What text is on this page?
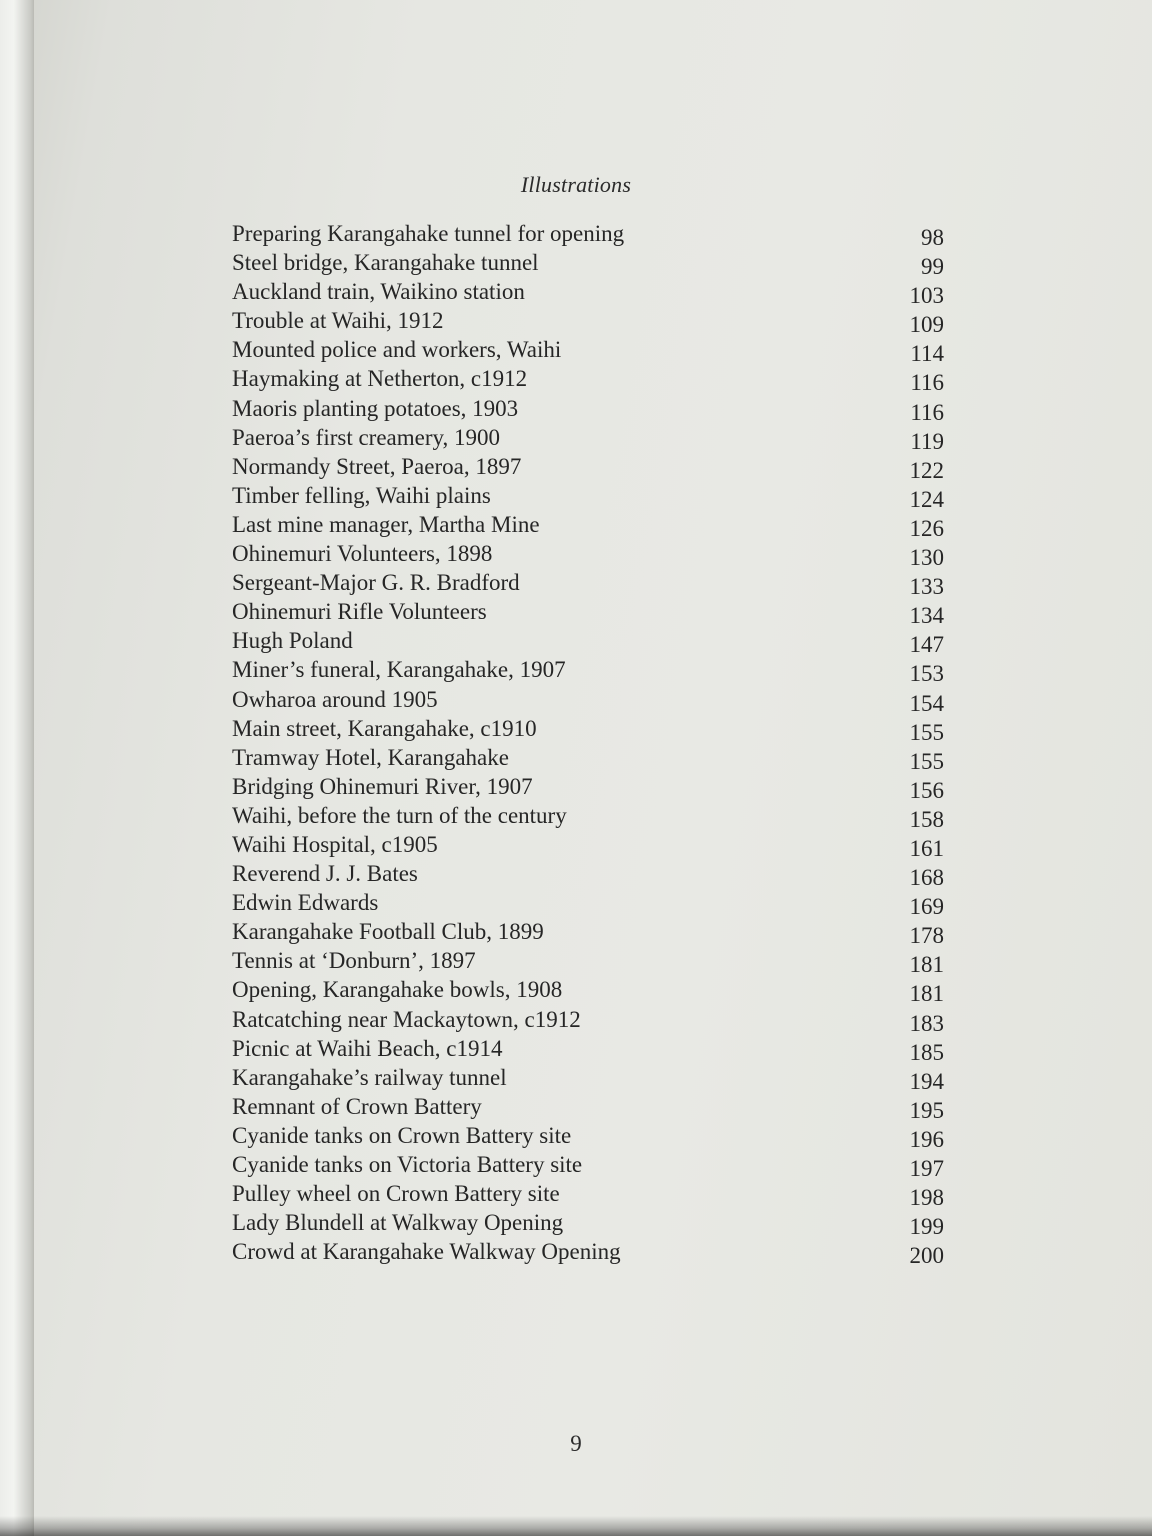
Illustrations
Preparing Karangahake tunnel for opening	98
Steel bridge, Karangahake tunnel	99
Auckland train, Waikino station	103
Trouble at Waihi, 1912	109
Mounted police and workers, Waihi	114
Haymaking at Netherton, c1912	116
Maoris planting potatoes, 1903	116
Paeroa’s first creamery, 1900	119
Normandy Street, Paeroa, 1897	122
Timber felling, Waihi plains	124
Last mine manager, Martha Mine	126
Ohinemuri Volunteers, 1898	130
Sergeant-Major G. R. Bradford	133
Ohinemuri Rifle Volunteers	134
Hugh Poland	147
Miner’s funeral, Karangahake, 1907	153
Owharoa around 1905	154
Main street, Karangahake, c1910	155
Tramway Hotel, Karangahake	155
Bridging Ohinemuri River, 1907	156
Waihi, before the turn of the century	158
Waihi Hospital, c1905	161
Reverend J. J. Bates	168
Edwin Edwards	169
Karangahake Football Club, 1899	178
Tennis at ‘Donburn’, 1897	181
Opening, Karangahake bowls, 1908	181
Ratcatching near Mackaytown, c1912	183
Picnic at Waihi Beach, c1914	185
Karangahake’s railway tunnel	194
Remnant of Crown Battery	195
Cyanide tanks on Crown Battery site	196
Cyanide tanks on Victoria Battery site	197
Pulley wheel on Crown Battery site	198
Lady Blundell at Walkway Opening	199
Crowd at Karangahake Walkway Opening	200
9
